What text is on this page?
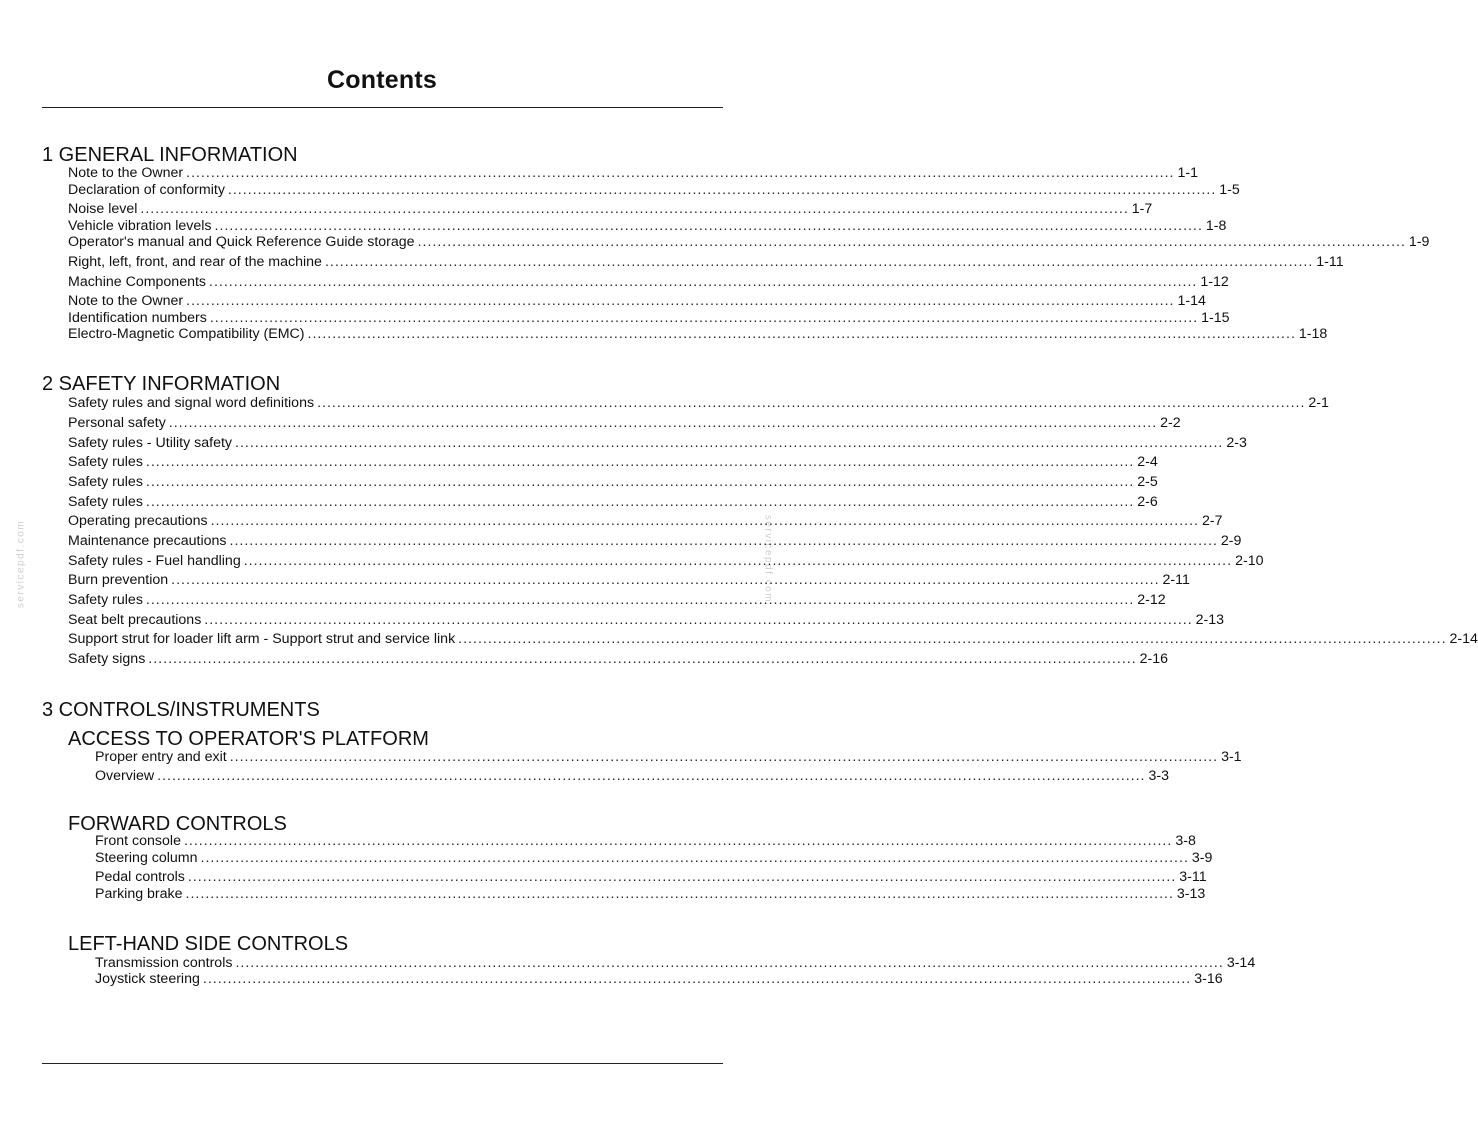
Contents
servicepdf.com	servicepdf.com
1 GENERAL INFORMATION
Note to the Owner ........................................................................................................................................................................................................ 1-1
Declaration of conformity ........................................................................................................................................................................................................ 1-5
Noise level ........................................................................................................................................................................................................ 1-7
Vehicle vibration levels ........................................................................................................................................................................................................ 1-8
Operator's manual and Quick Reference Guide storage ........................................................................................................................................................................................................ 1-9
Right, left, front, and rear of the machine ........................................................................................................................................................................................................ 1-11
Machine Components ........................................................................................................................................................................................................ 1-12
Note to the Owner ........................................................................................................................................................................................................ 1-14
Identification numbers ........................................................................................................................................................................................................ 1-15
Electro-Magnetic Compatibility (EMC) ........................................................................................................................................................................................................ 1-18
2 SAFETY INFORMATION
Safety rules and signal word definitions ........................................................................................................................................................................................................ 2-1
Personal safety ........................................................................................................................................................................................................ 2-2
Safety rules - Utility safety ........................................................................................................................................................................................................ 2-3
Safety rules ........................................................................................................................................................................................................ 2-4
Safety rules ........................................................................................................................................................................................................ 2-5
Safety rules ........................................................................................................................................................................................................ 2-6
Operating precautions ........................................................................................................................................................................................................ 2-7
Maintenance precautions ........................................................................................................................................................................................................ 2-9
Safety rules - Fuel handling ........................................................................................................................................................................................................ 2-10
Burn prevention ........................................................................................................................................................................................................ 2-11
Safety rules ........................................................................................................................................................................................................ 2-12
Seat belt precautions ........................................................................................................................................................................................................ 2-13
Support strut for loader lift arm - Support strut and service link ........................................................................................................................................................................................................ 2-14
Safety signs ........................................................................................................................................................................................................ 2-16
3 CONTROLS/INSTRUMENTS
ACCESS TO OPERATOR'S PLATFORM
Proper entry and exit ........................................................................................................................................................................................................ 3-1
Overview ........................................................................................................................................................................................................ 3-3
FORWARD CONTROLS
Front console ........................................................................................................................................................................................................ 3-8
Steering column ........................................................................................................................................................................................................ 3-9
Pedal controls ........................................................................................................................................................................................................ 3-11
Parking brake ........................................................................................................................................................................................................ 3-13
LEFT-HAND SIDE CONTROLS
Transmission controls ........................................................................................................................................................................................................ 3-14
Joystick steering ........................................................................................................................................................................................................ 3-16
